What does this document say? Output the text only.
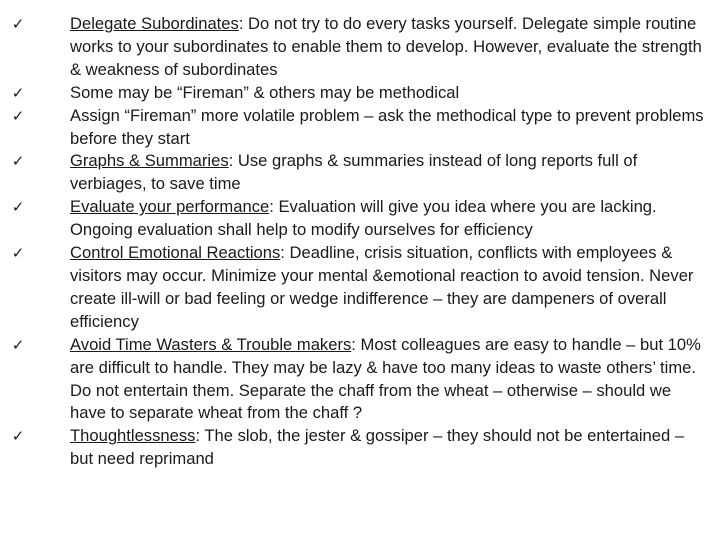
✓	Delegate Subordinates: Do not try to do every tasks yourself. Delegate simple routine works to your subordinates to enable them to develop. However, evaluate the strength & weakness of subordinates
✓	Some may be “Fireman” & others may be methodical
✓	Assign “Fireman” more volatile problem – ask the methodical type to prevent problems before they start
✓	Graphs & Summaries: Use graphs & summaries instead of long reports full of verbiages, to save time
✓	Evaluate your performance: Evaluation will give you idea where you are lacking. Ongoing evaluation shall help to modify ourselves for efficiency
✓	Control Emotional Reactions: Deadline, crisis situation, conflicts with employees & visitors may occur. Minimize your mental &emotional reaction to avoid tension. Never create ill-will or bad feeling or wedge indifference – they are dampeners of overall efficiency
✓	Avoid Time Wasters & Trouble makers: Most colleagues are easy to handle – but 10% are difficult to handle. They may be lazy & have too many ideas to waste others’ time. Do not entertain them. Separate the chaff from the wheat – otherwise – should we have to separate wheat from the chaff ?
✓	Thoughtlessness: The slob, the jester & gossiper – they should not be entertained – but need reprimand
